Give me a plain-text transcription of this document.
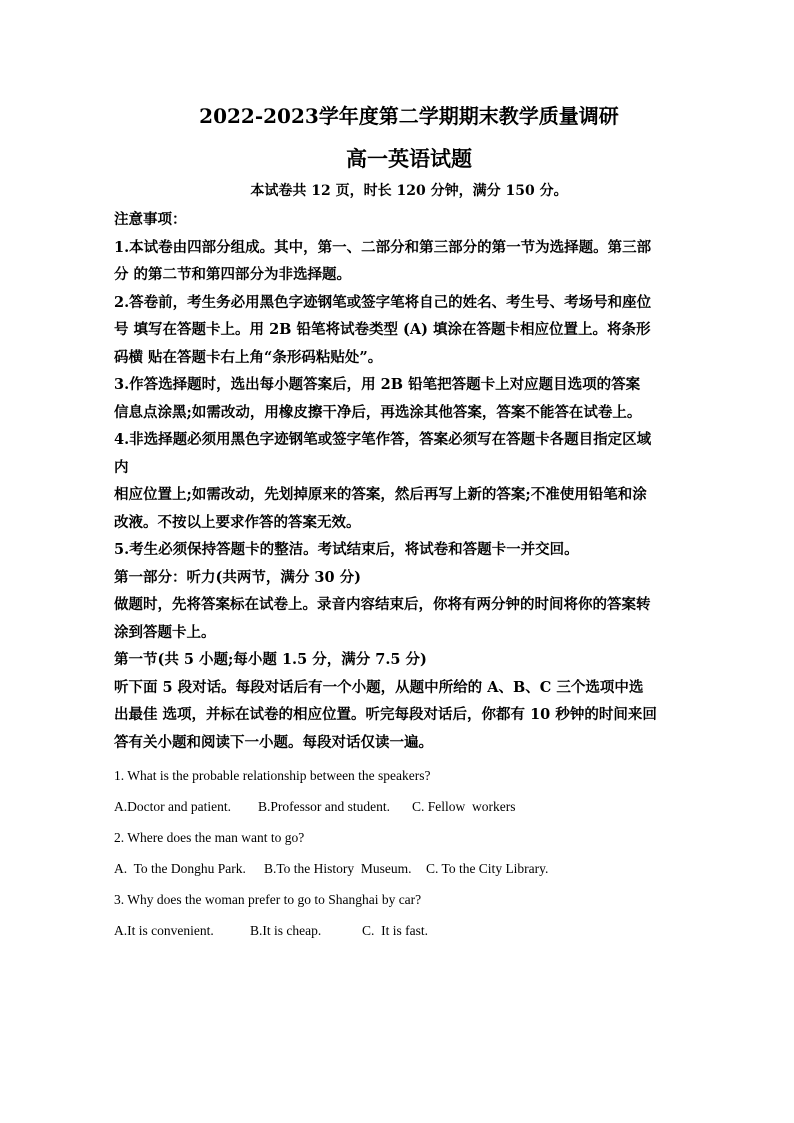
2022-2023学年度第二学期期末教学质量调研
高一英语试题
本试卷共 12 页，时长 120 分钟，满分 150 分。

注意事项：

1.本试卷由四部分组成。其中，第一、二部分和第三部分的第一节为选择题。第三部
分 的第二节和第四部分为非选择题。
2.答卷前，考生务必用黑色字迹钢笔或签字笔将自己的姓名、考生号、考场号和座位
号 填写在答题卡上。用 2B 铅笔将试卷类型 (A) 填涂在答题卡相应位置上。将条形
码横 贴在答题卡右上角“条形码粘贴处”。
3.作答选择题时，选出每小题答案后，用 2B 铅笔把答题卡上对应题目选项的答案
信息点涂黑;如需改动，用橡皮擦干净后，再选涂其他答案，答案不能答在试卷上。
4.非选择题必须用黑色字迹钢笔或签字笔作答，答案必须写在答题卡各题目指定区域
内
相应位置上;如需改动，先划掉原来的答案，然后再写上新的答案;不准使用铅笔和涂
改液。不按以上要求作答的答案无效。
5.考生必须保持答题卡的整洁。考试结束后，将试卷和答题卡一并交回。

第一部分：听力(共两节，满分 30 分)

做题时，先将答案标在试卷上。录音内容结束后，你将有两分钟的时间将你的答案转
涂到答题卡上。

第一节(共 5 小题;每小题 1.5 分，满分 7.5 分)

听下面 5 段对话。每段对话后有一个小题，从题中所给的 A、B、C 三个选项中选
出最佳 选项，并标在试卷的相应位置。听完每段对话后，你都有 10 秒钟的时间来回
答有关小题和阅读下一小题。每段对话仅读一遍。

1. What is the probable relationship between the speakers?

A.Doctor and patient.	B.Professor and student.	C. Fellow  workers

2. Where does the man want to go?

A.  To the Donghu Park.	B.To the History  Museum.	C. To the City Library.

3. Why does the woman prefer to go to Shanghai by car?

A.It is convenient.	B.It is cheap.	C.  It is fast.
